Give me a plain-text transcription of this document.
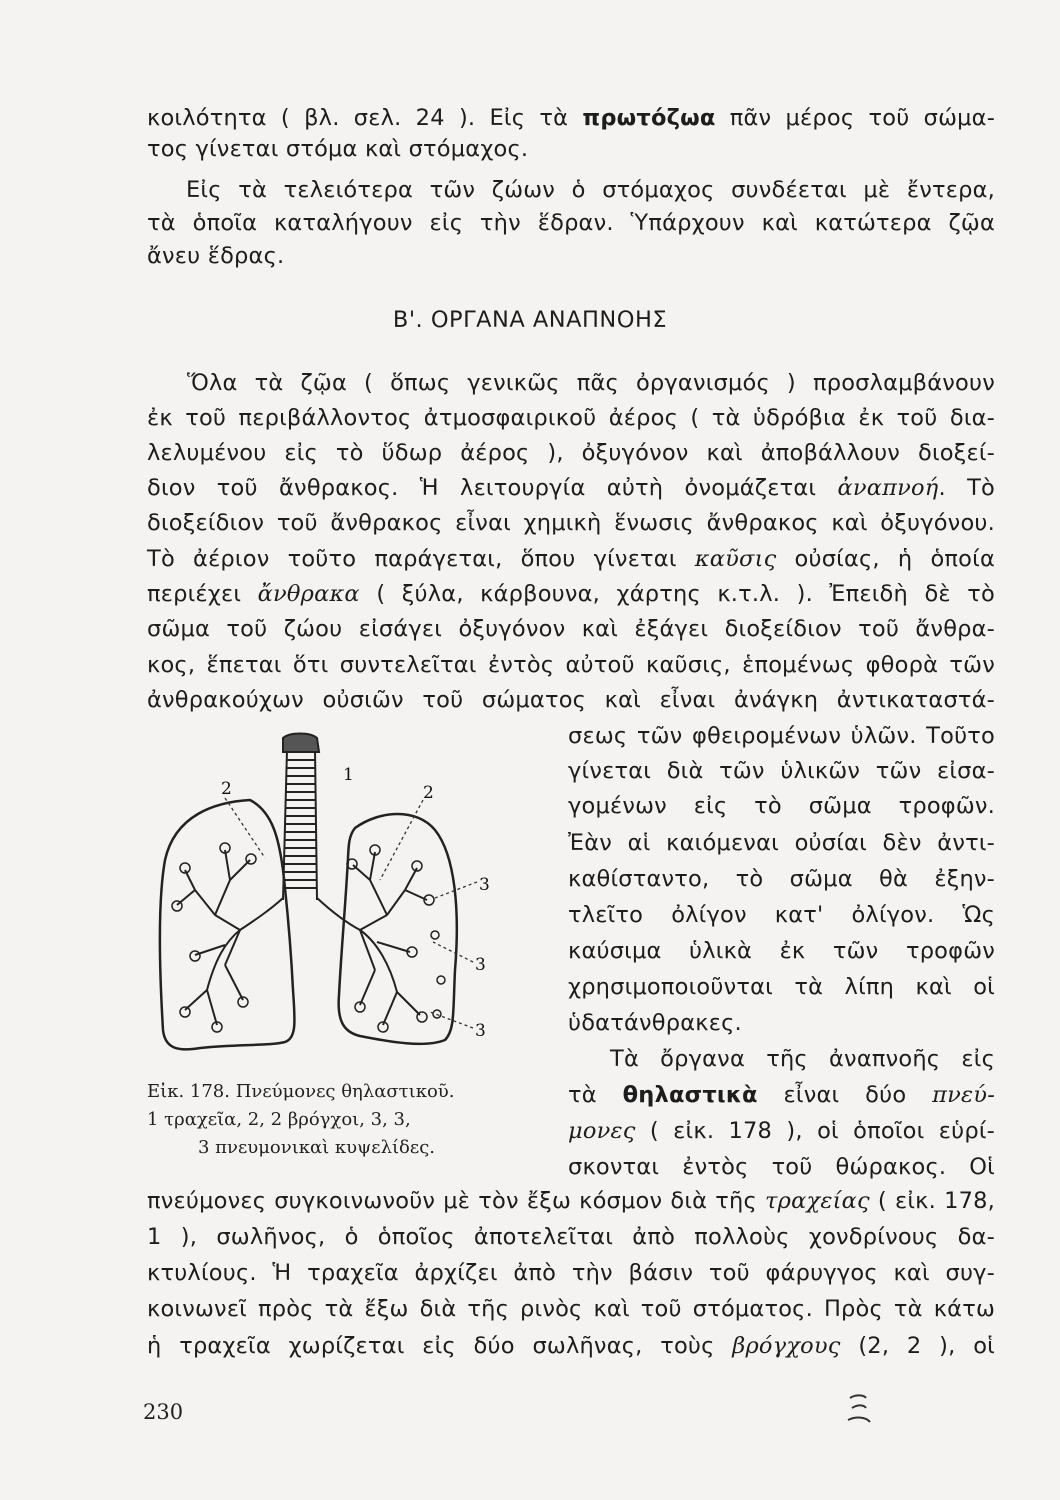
κοιλότητα ( βλ. σελ. 24 ). Εἰς τὰ πρωτόζωα πᾶν μέρος τοῦ σώμα-
τος γίνεται στόμα καὶ στόμαχος.
Εἰς τὰ τελειότερα τῶν ζώων ὁ στόμαχος συνδέεται μὲ ἔντερα,
τὰ ὁποῖα καταλήγουν εἰς τὴν ἕδραν. Ὑπάρχουν καὶ κατώτερα ζῷα
ἄνευ ἕδρας.
Β'. ΟΡΓΑΝΑ ΑΝΑΠΝΟΗΣ
Ὅλα τὰ ζῷα ( ὅπως γενικῶς πᾶς ὀργανισμός ) προσλαμβάνουν
ἐκ τοῦ περιβάλλοντος ἀτμοσφαιρικοῦ ἀέρος ( τὰ ὑδρόβια ἐκ τοῦ δια-
λελυμένου εἰς τὸ ὕδωρ ἀέρος ), ὀξυγόνον καὶ ἀποβάλλουν διοξεί-
διον τοῦ ἄνθρακος. Ἡ λειτουργία αὐτὴ ὀνομάζεται ἀναπνοή. Τὸ
διοξείδιον τοῦ ἄνθρακος εἶναι χημικὴ ἕνωσις ἄνθρακος καὶ ὀξυγόνου.
Τὸ ἀέριον τοῦτο παράγεται, ὅπου γίνεται καῦσις οὐσίας, ἡ ὁποία
περιέχει ἄνθρακα ( ξύλα, κάρβουνα, χάρτης κ.τ.λ. ). Ἐπειδὴ δὲ τὸ
σῶμα τοῦ ζώου εἰσάγει ὀξυγόνον καὶ ἐξάγει διοξείδιον τοῦ ἄνθρα-
κος, ἕπεται ὅτι συντελεῖται ἐντὸς αὐτοῦ καῦσις, ἑπομένως φθορὰ τῶν
ἀνθρακούχων οὐσιῶν τοῦ σώματος καὶ εἶναι ἀνάγκη ἀντικαταστά-
σεως τῶν φθειρομένων ὑλῶν. Τοῦτο
γίνεται διὰ τῶν ὑλικῶν τῶν εἰσα-
γομένων εἰς τὸ σῶμα τροφῶν.
Ἐὰν αἱ καιόμεναι οὐσίαι δὲν ἀντι-
καθίσταντο, τὸ σῶμα θὰ ἐξην-
τλεῖτο ὀλίγον κατ' ὀλίγον. Ὡς
καύσιμα ὑλικὰ ἐκ τῶν τροφῶν
χρησιμοποιοῦνται τὰ λίπη καὶ οἱ
ὑδατάνθρακες.
Τὰ ὄργανα τῆς ἀναπνοῆς εἰς
τὰ θηλαστικὰ εἶναι δύο πνεύ-
μονες ( εἰκ. 178 ), οἱ ὁποῖοι εὑρί-
σκονται ἐντὸς τοῦ θώρακος. Οἱ
πνεύμονες συγκοινωνοῦν μὲ τὸν ἔξω κόσμον διὰ τῆς τραχείας ( εἰκ. 178,
1 ), σωλῆνος, ὁ ὁποῖος ἀποτελεῖται ἀπὸ πολλοὺς χονδρίνους δα-
κτυλίους. Ἡ τραχεῖα ἀρχίζει ἀπὸ τὴν βάσιν τοῦ φάρυγγος καὶ συγ-
κοινωνεῖ πρὸς τὰ ἔξω διὰ τῆς ρινὸς καὶ τοῦ στόματος. Πρὸς τὰ κάτω
ἡ τραχεῖα χωρίζεται εἰς δύο σωλῆνας, τοὺς βρόγχους (2, 2 ), οἱ
2
1
2
3
3
3
Εἰκ. 178. Πνεύμονες θηλαστικοῦ.
1 τραχεῖα, 2, 2 βρόγχοι, 3, 3,
3 πνευμονικαὶ κυψελίδες.
230
